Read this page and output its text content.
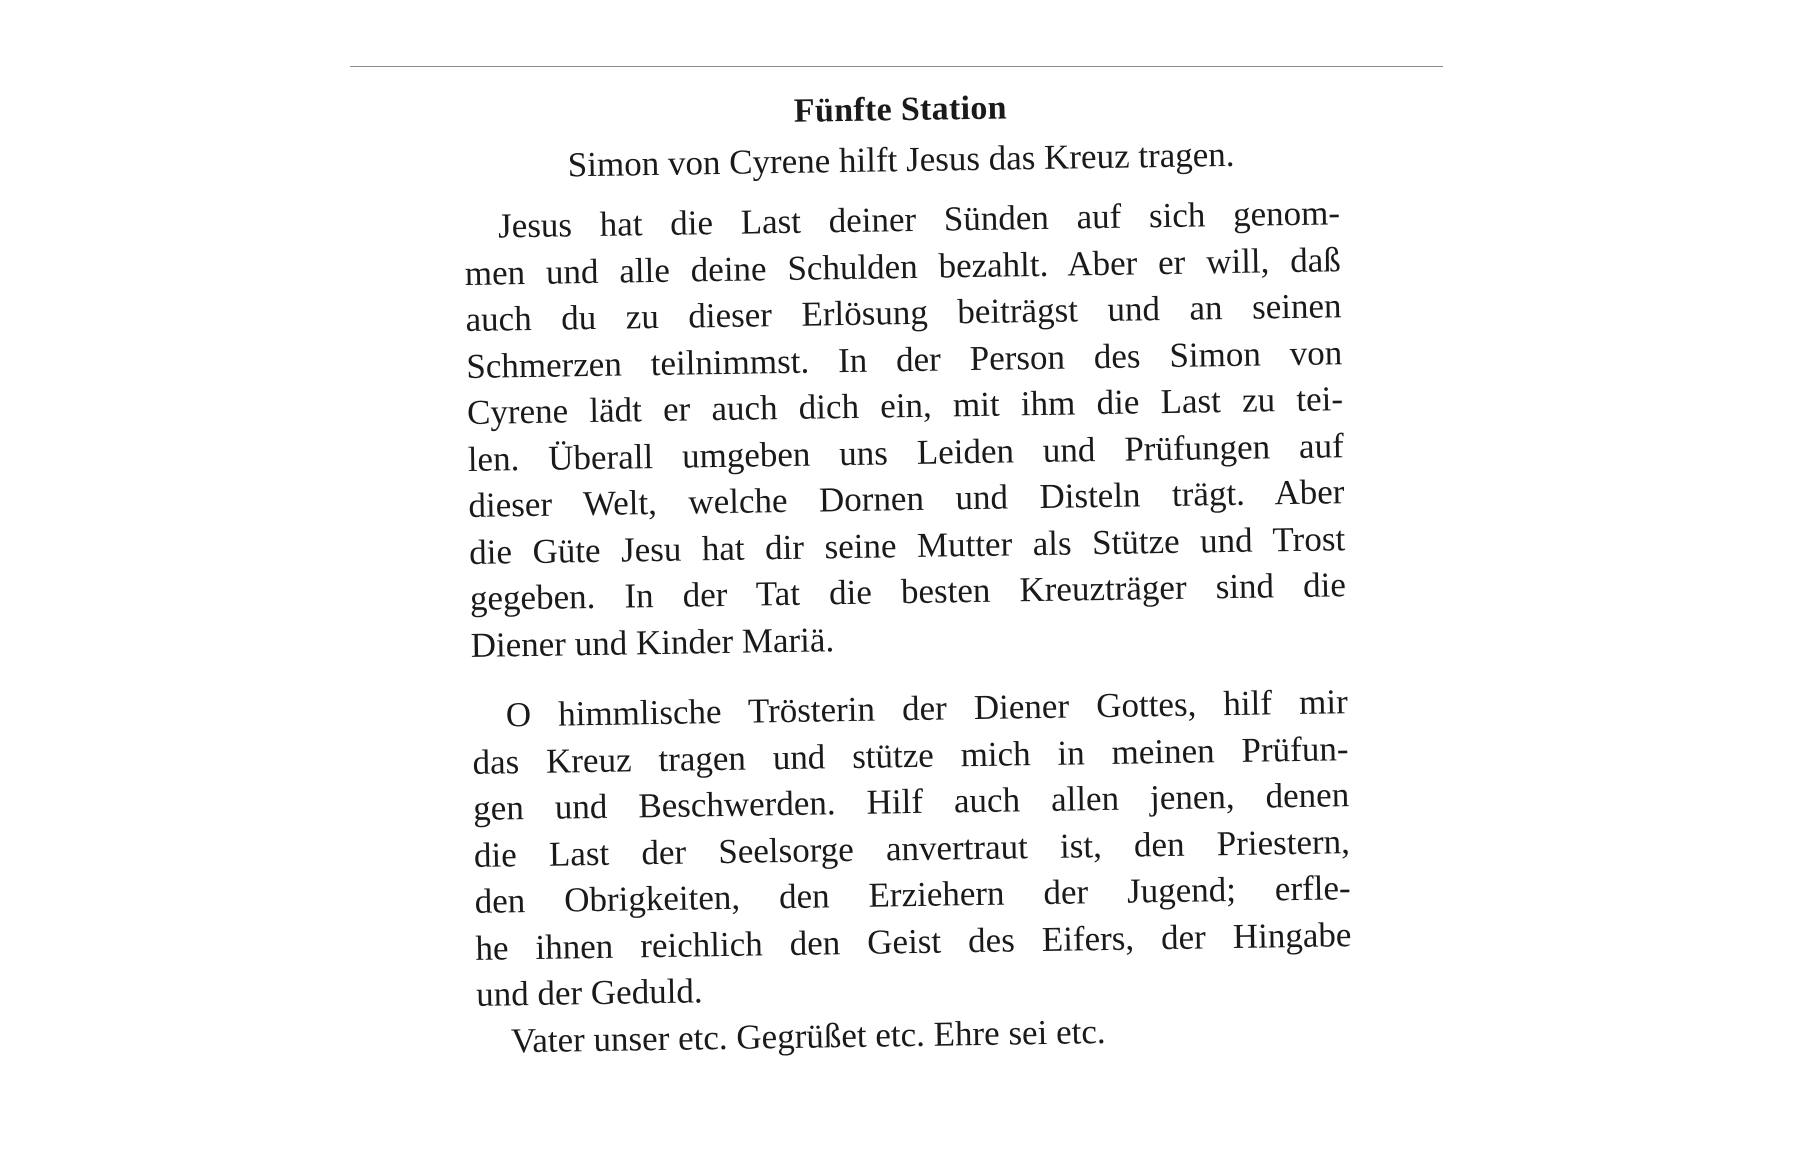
Fünfte Station

Simon von Cyrene hilft Jesus das Kreuz tragen.

Jesus hat die Last deiner Sünden auf sich genom-
men und alle deine Schulden bezahlt. Aber er will, daß
auch du zu dieser Erlösung beiträgst und an seinen
Schmerzen teilnimmst. In der Person des Simon von
Cyrene lädt er auch dich ein, mit ihm die Last zu tei-
len. Überall umgeben uns Leiden und Prüfungen auf
dieser Welt, welche Dornen und Disteln trägt. Aber
die Güte Jesu hat dir seine Mutter als Stütze und Trost
gegeben. In der Tat die besten Kreuzträger sind die
Diener und Kinder Mariä.

O himmlische Trösterin der Diener Gottes, hilf mir
das Kreuz tragen und stütze mich in meinen Prüfun-
gen und Beschwerden. Hilf auch allen jenen, denen
die Last der Seelsorge anvertraut ist, den Priestern,
den Obrigkeiten, den Erziehern der Jugend; erfle-
he ihnen reichlich den Geist des Eifers, der Hingabe
und der Geduld.

Vater unser etc. Gegrüßet etc. Ehre sei etc.
